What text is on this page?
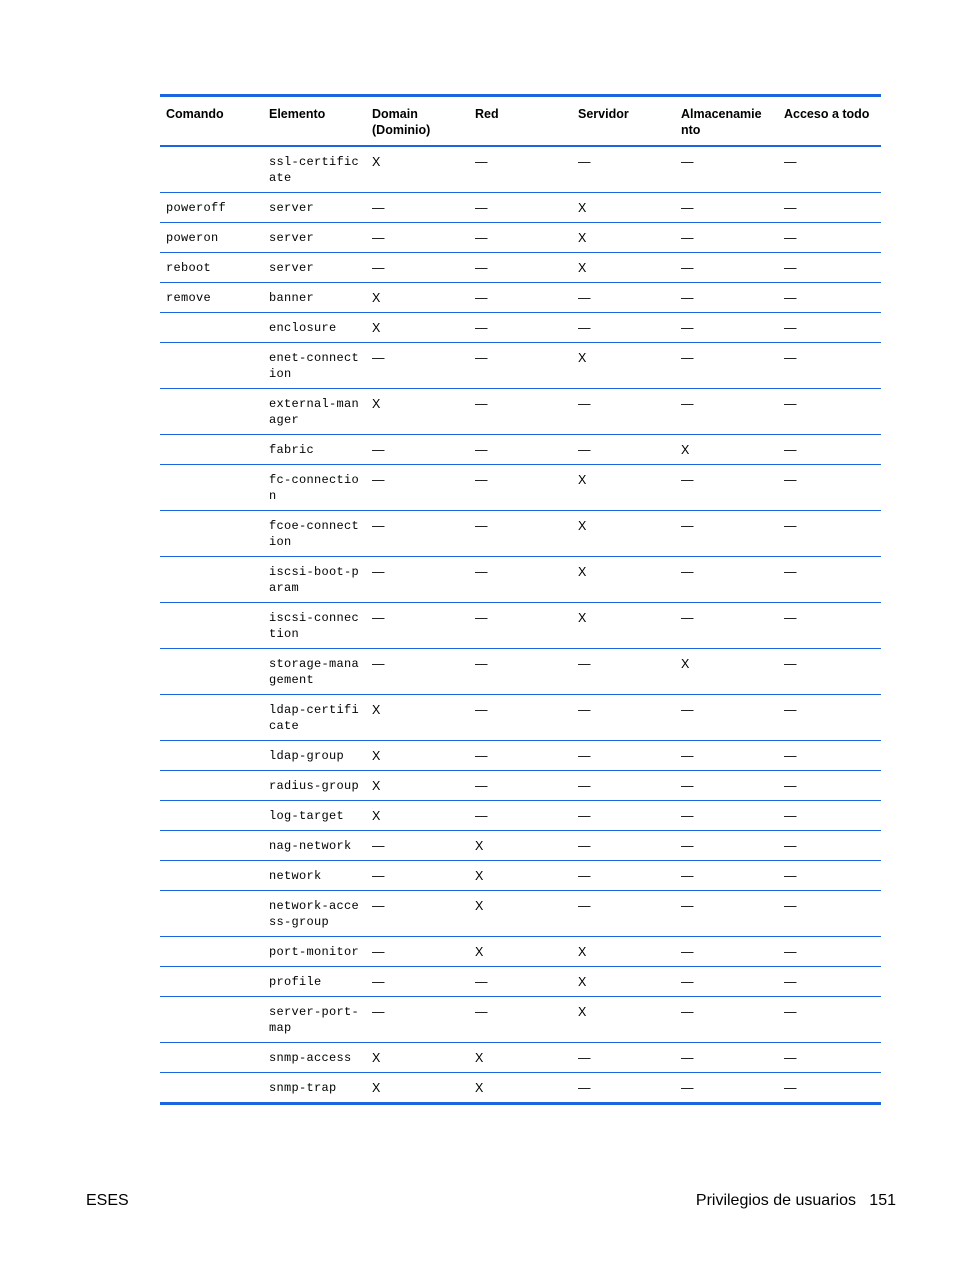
Comando	Elemento	Domain (Dominio)	Red	Servidor	Almacenamie nto	Acceso a todo
	ssl-certificate	X	—	—	—	—
poweroff	server	—	—	X	—	—
poweron	server	—	—	X	—	—
reboot	server	—	—	X	—	—
remove	banner	X	—	—	—	—
	enclosure	X	—	—	—	—
	enet-connection	—	—	X	—	—
	external-manager	X	—	—	—	—
	fabric	—	—	—	X	—
	fc-connection	—	—	X	—	—
	fcoe-connection	—	—	X	—	—
	iscsi-boot-param	—	—	X	—	—
	iscsi-connection	—	—	X	—	—
	storage-management	—	—	—	X	—
	ldap-certificate	X	—	—	—	—
	ldap-group	X	—	—	—	—
	radius-group	X	—	—	—	—
	log-target	X	—	—	—	—
	nag-network	—	X	—	—	—
	network	—	X	—	—	—
	network-access-group	—	X	—	—	—
	port-monitor	—	X	X	—	—
	profile	—	—	X	—	—
	server-port-map	—	—	X	—	—
	snmp-access	X	X	—	—	—
	snmp-trap	X	X	—	—	—
ESES	Privilegios de usuarios   151
